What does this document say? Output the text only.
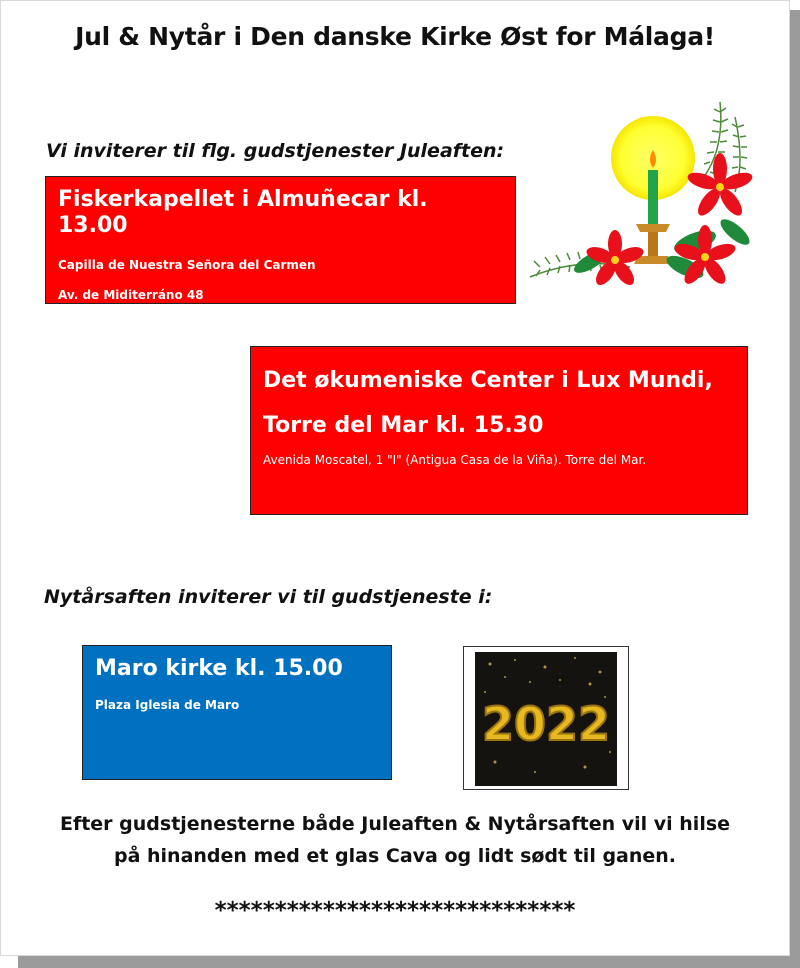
Jul & Nytår i Den danske Kirke Øst for Málaga!
Vi inviterer til flg. gudstjenester Juleaften:
Fiskerkapellet i Almuñecar kl. 13.00
Capilla de Nuestra Señora del Carmen
Av. de Miditerráno 48
Det økumeniske Center i Lux Mundi,
Torre del Mar kl. 15.30
Avenida Moscatel, 1 "I" (Antigua Casa de la Viña). Torre del Mar.
Nytårsaften inviterer vi til gudstjeneste i:
Maro kirke kl. 15.00
Plaza Iglesia de Maro	2022
Efter gudstjenesterne både Juleaften & Nytårsaften vil vi hilse
på hinanden med et glas Cava og lidt sødt til ganen.
******************************
